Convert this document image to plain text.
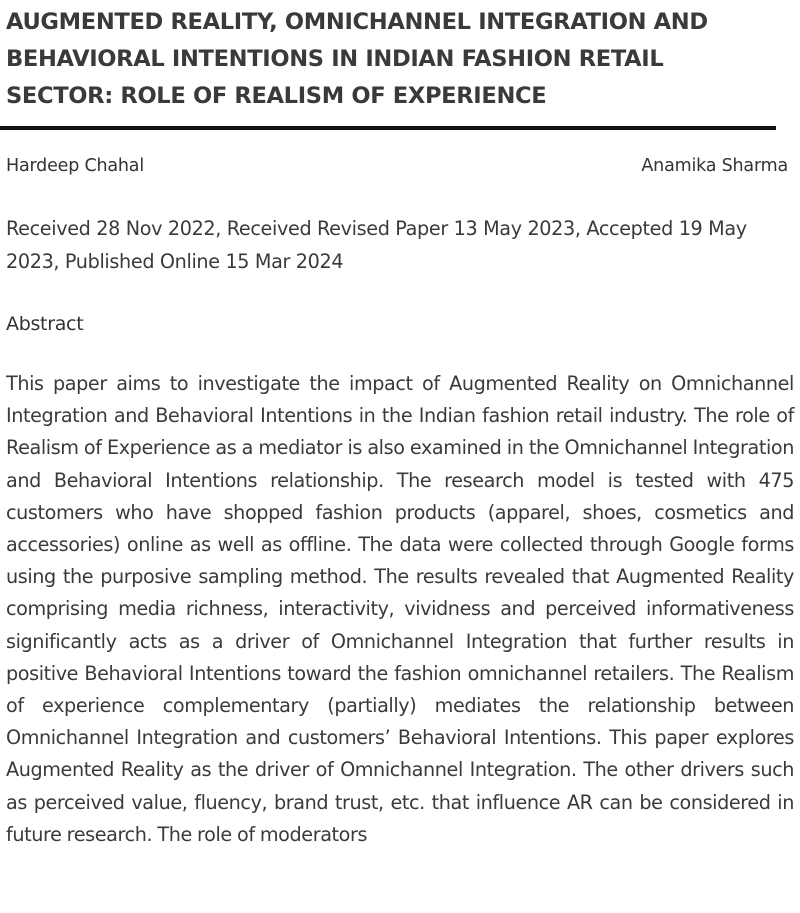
AUGMENTED REALITY, OMNICHANNEL INTEGRATION AND BEHAVIORAL INTENTIONS IN INDIAN FASHION RETAIL SECTOR: ROLE OF REALISM OF EXPERIENCE
Hardeep Chahal	Anamika Sharma

Received 28 Nov 2022, Received Revised Paper 13 May 2023, Accepted 19 May 2023, Published Online 15 Mar 2024

Abstract

This paper aims to investigate the impact of Augmented Reality on Omnichannel Integration and Behavioral Intentions in the Indian fashion retail industry. The role of Realism of Experience as a mediator is also examined in the Omnichannel Integration and Behavioral Intentions relationship. The research model is tested with 475 customers who have shopped fashion products (apparel, shoes, cosmetics and accessories) online as well as offline. The data were collected through Google forms using the purposive sampling method. The results revealed that Augmented Reality comprising media richness, interactivity, vividness and perceived informativeness significantly acts as a driver of Omnichannel Integration that further results in positive Behavioral Intentions toward the fashion omnichannel retailers. The Realism of experience complementary (partially) mediates the relationship between Omnichannel Integration and customers’ Behavioral Intentions. This paper explores Augmented Reality as the driver of Omnichannel Integration. The other drivers such as perceived value, fluency, brand trust, etc. that influence AR can be considered in future research. The role of moderators
